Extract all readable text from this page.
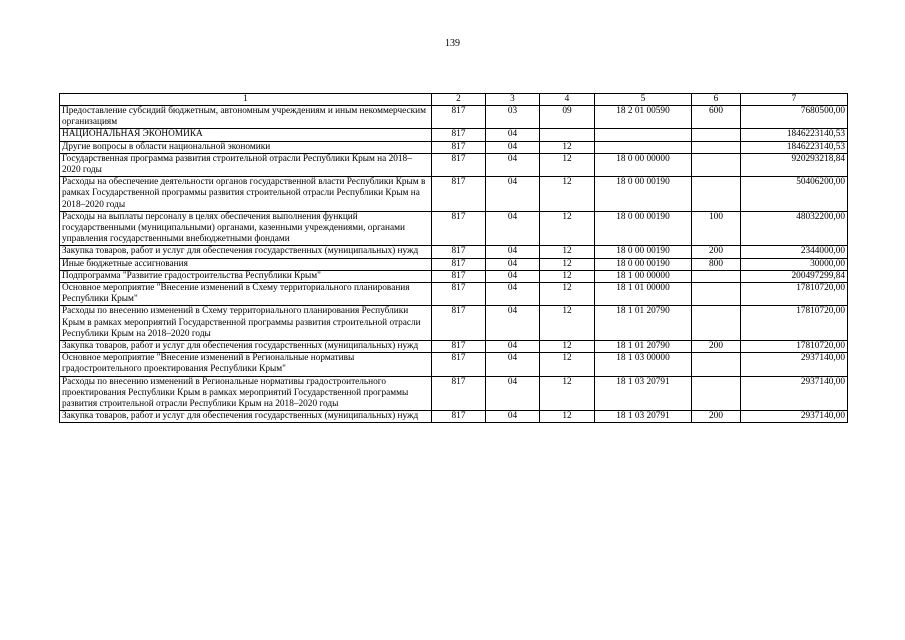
139
1	2	3	4	5	6	7
Предоставление субсидий бюджетным, автономным учреждениям и иным некоммерческим организациям	817	03	09	18 2 01 00590	600	7680500,00
НАЦИОНАЛЬНАЯ ЭКОНОМИКА	817	04				1846223140,53
Другие вопросы в области национальной экономики	817	04	12			1846223140,53
Государственная программа развития строительной отрасли Республики Крым на 2018–2020 годы	817	04	12	18 0 00 00000		920293218,84
Расходы на обеспечение деятельности органов государственной власти Республики Крым в рамках Государственной программы развития строительной отрасли Республики Крым на 2018–2020 годы	817	04	12	18 0 00 00190		50406200,00
Расходы на выплаты персоналу в целях обеспечения выполнения функций государственными (муниципальными) органами, казенными учреждениями, органами управления государственными внебюджетными фондами	817	04	12	18 0 00 00190	100	48032200,00
Закупка товаров, работ и услуг для обеспечения государственных (муниципальных) нужд	817	04	12	18 0 00 00190	200	2344000,00
Иные бюджетные ассигнования	817	04	12	18 0 00 00190	800	30000,00
Подпрограмма "Развитие градостроительства Республики Крым"	817	04	12	18 1 00 00000		200497299,84
Основное мероприятие "Внесение изменений в Схему территориального планирования Республики Крым"	817	04	12	18 1 01 00000		17810720,00
Расходы по внесению изменений в Схему территориального планирования Республики Крым в рамках мероприятий Государственной программы развития строительной отрасли Республики Крым на 2018–2020 годы	817	04	12	18 1 01 20790		17810720,00
Закупка товаров, работ и услуг для обеспечения государственных (муниципальных) нужд	817	04	12	18 1 01 20790	200	17810720,00
Основное мероприятие "Внесение изменений в Региональные нормативы градостроительного проектирования Республики Крым"	817	04	12	18 1 03 00000		2937140,00
Расходы по внесению изменений в Региональные нормативы градостроительного проектирования Республики Крым в рамках мероприятий Государственной программы развития строительной отрасли Республики Крым на 2018–2020 годы	817	04	12	18 1 03 20791		2937140,00
Закупка товаров, работ и услуг для обеспечения государственных (муниципальных) нужд	817	04	12	18 1 03 20791	200	2937140,00
